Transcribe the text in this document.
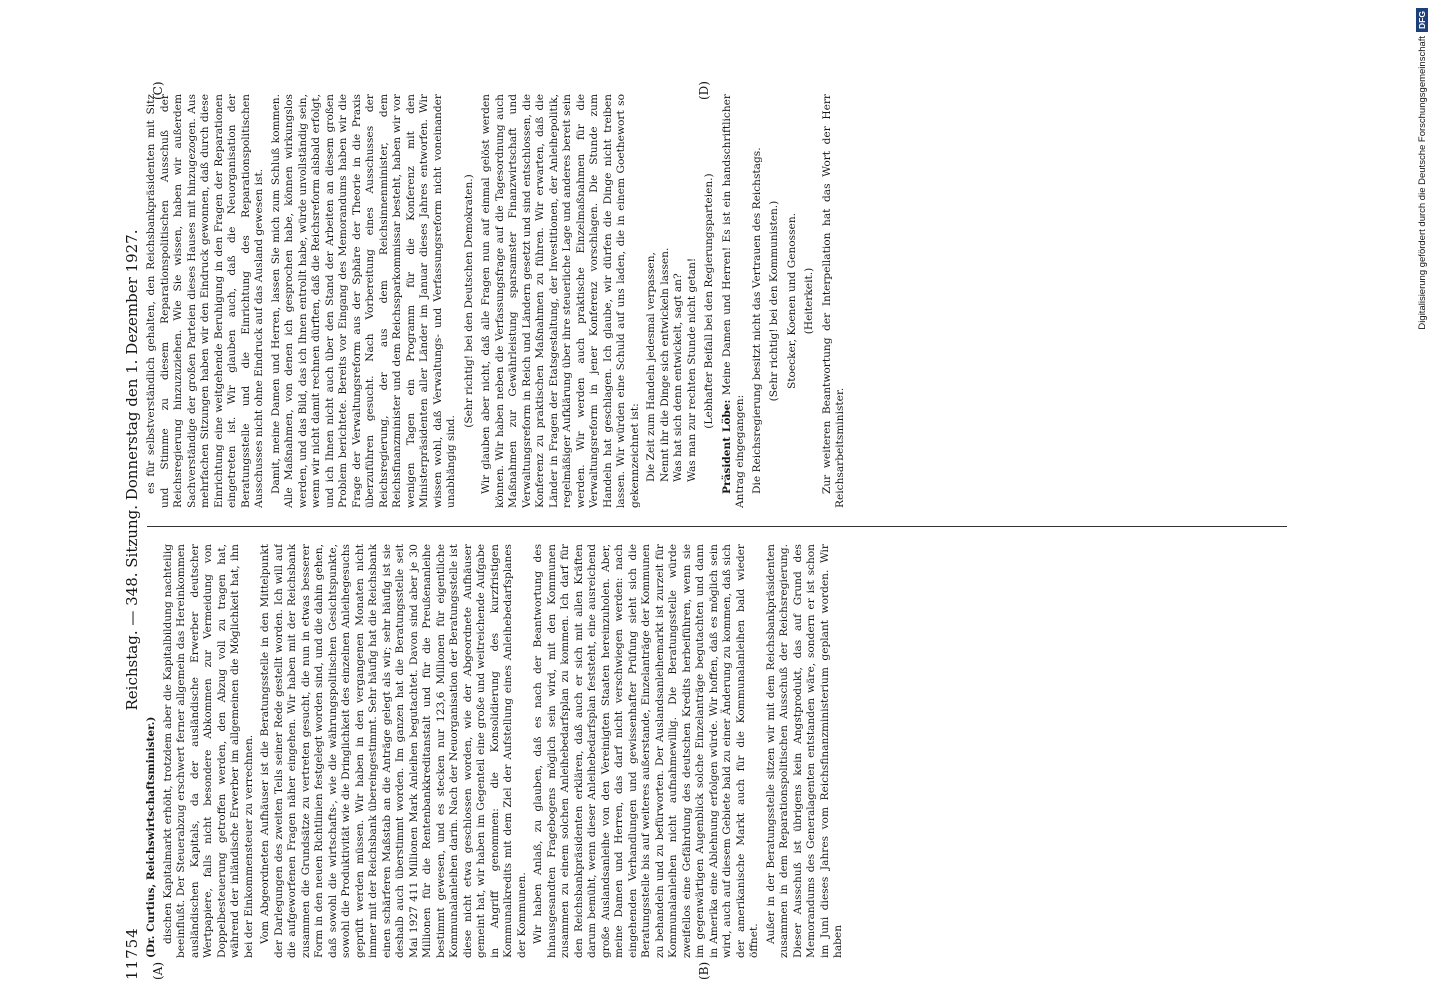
11754
Reichstag. — 348. Sitzung. Donnerstag den 1. Dezember 1927.
(A)	(B)
(C)	(D)

(Dr. Curtius, Reichswirtschaftsminister.) dischen Kapitalmarkt erhöht, trotzdem aber die Kapitalbildung nachteilig beeinflußt. Der Steuerabzug erschwert ferner allgemein das Hereinkommen ausländischen Kapitals, da der ausländische Erwerber deutscher Wertpapiere, falls nicht besondere Abkommen zur Vermeidung von Doppelbesteuerung getroffen werden, den Abzug voll zu tragen hat, während der inländische Erwerber im allgemeinen die Möglichkeit hat, ihn bei der Einkommensteuer zu verrechnen. Vom Abgeordneten Aufhäuser ist die Beratungsstelle in den Mittelpunkt der Darlegungen des zweiten Teils seiner Rede gestellt worden. Ich will auf die aufgeworfenen Fragen näher eingehen. Wir haben mit der Reichsbank zusammen die Grundsätze zu vertreten gesucht, die nun in etwas besserer Form in den neuen Richtlinien festgelegt worden sind, und die dahin gehen, daß sowohl die wirtschafts-, wie die währungspolitischen Gesichtspunkte, sowohl die Produktivität wie die Dringlichkeit des einzelnen Anleihegesuchs geprüft werden müssen. Wir haben in den vergangenen Monaten nicht immer mit der Reichsbank übereingestimmt. Sehr häufig hat die Reichsbank einen schärferen Maßstab an die Anträge gelegt als wir; sehr häufig ist sie deshalb auch überstimmt worden. Im ganzen hat die Beratungsstelle seit Mai 1927 411 Millionen Mark Anleihen begutachtet. Davon sind aber je 30 Millionen für die Rentenbankkreditanstalt und für die Preußenanleihe bestimmt gewesen, und es stecken nur 123,6 Millionen für eigentliche Kommunalanleihen darin. Nach der Neuorganisation der Beratungsstelle ist diese nicht etwa geschlossen worden, wie der Abgeordnete Aufhäuser gemeint hat, wir haben im Gegenteil eine große und weitreichende Aufgabe in Angriff genommen: die Konsolidierung des kurzfristigen Kommunalkredits mit dem Ziel der Aufstellung eines Anleihebedarfsplanes der Kommunen. Wir haben Anlaß, zu glauben, daß es nach der Beantwortung des hinausgesandten Fragebogens möglich sein wird, mit den Kommunen zusammen zu einem solchen Anleihebedarfsplan zu kommen. Ich darf für den Reichsbankpräsidenten erklären, daß auch er sich mit allen Kräften darum bemüht, wenn dieser Anleihebedarfsplan feststeht, eine ausreichend große Auslandsanleihe von den Vereinigten Staaten hereinzuholen. Aber, meine Damen und Herren, das darf nicht verschwiegen werden: nach eingehenden Verhandlungen und gewissenhafter Prüfung sieht sich die Beratungsstelle bis auf weiteres außerstande, Einzelanträge der Kommunen zu behandeln und zu befürworten. Der Auslandsanleihemarkt ist zurzeit für Kommunalanleihen nicht aufnahmewillig. Die Beratungsstelle würde zweifellos eine Gefährdung des deutschen Kredits herbeiführen, wenn sie im gegenwärtigen Augenblick solche Einzelanträge begutachten und dann in Amerika eine Ablehnung erfolgen würde. Wir hoffen, daß es möglich sein wird, auch auf diesem Gebiete bald zu einer Änderung zu kommen, daß sich der amerikanische Markt auch für die Kommunalanleihen bald wieder öffnet. Außer in der Beratungsstelle sitzen wir mit dem Reichsbankpräsidenten zusammen in dem Reparationspolitischen Ausschuß der Reichsregierung. Dieser Ausschuß ist übrigens kein Angstprodukt, das auf Grund des Memorandums des Generalagenten entstanden wäre, sondern er ist schon im Juni dieses Jahres vom Reichsfinanzministerium geplant worden. Wir haben

es für selbstverständlich gehalten, den Reichsbankpräsidenten mit Sitz und Stimme zu diesem Reparationspolitischen Ausschuß der Reichsregierung hinzuzuziehen. Wie Sie wissen, haben wir außerdem Sachverständige der großen Parteien dieses Hauses mit hinzugezogen. Aus mehrfachen Sitzungen haben wir den Eindruck gewonnen, daß durch diese Einrichtung eine weitgehende Beruhigung in den Fragen der Reparationen eingetreten ist. Wir glauben auch, daß die Neuorganisation der Beratungsstelle und die Einrichtung des Reparationspolitischen Ausschusses nicht ohne Eindruck auf das Ausland gewesen ist. Damit, meine Damen und Herren, lassen Sie mich zum Schluß kommen. Alle Maßnahmen, von denen ich gesprochen habe, können wirkungslos werden, und das Bild, das ich Ihnen entrollt habe, würde unvollständig sein, wenn wir nicht damit rechnen dürften, daß die Reichsreform alsbald erfolgt, und ich Ihnen nicht auch über den Stand der Arbeiten an diesem großen Problem berichtete. Bereits vor Eingang des Memorandums haben wir die Frage der Verwaltungsreform aus der Sphäre der Theorie in die Praxis überzuführen gesucht. Nach Vorbereitung eines Ausschusses der Reichsregierung, der aus dem Reichsinnenminister, dem Reichsfinanzminister und dem Reichssparkommissar besteht, haben wir vor wenigen Tagen ein Programm für die Konferenz mit den Ministerpräsidenten aller Länder im Januar dieses Jahres entworfen. Wir wissen wohl, daß Verwaltungs- und Verfassungsreform nicht voneinander unabhängig sind.

(Sehr richtig! bei den Deutschen Demokraten.) Wir glauben aber nicht, daß alle Fragen nun auf einmal gelöst werden können. Wir haben neben die Verfassungsfrage auf die Tagesordnung auch Maßnahmen zur Gewährleistung sparsamster Finanzwirtschaft und Verwaltungsreform in Reich und Ländern gesetzt und sind entschlossen, die Konferenz zu praktischen Maßnahmen zu führen. Wir erwarten, daß die Länder in Fragen der Etatsgestaltung, der Investitionen, der Anleihepolitik, regelmäßiger Aufklärung über ihre steuerliche Lage und anderes bereit sein werden. Wir werden auch praktische Einzelmaßnahmen für die Verwaltungsreform in jener Konferenz vorschlagen. Die Stunde zum Handeln hat geschlagen. Ich glaube, wir dürfen die Dinge nicht treiben lassen. Wir würden eine Schuld auf uns laden, die in einem Goethewort so gekennzeichnet ist: Die Zeit zum Handeln jedesmal verpassen, Nennt ihr die Dinge sich entwickeln lassen. Was hat sich denn entwickelt, sagt an? Was man zur rechten Stunde nicht getan! (Lebhafter Beifall bei den Regierungsparteien.)

Präsident Löbe: Meine Damen und Herren! Es ist ein handschriftlicher Antrag eingegangen: Die Reichsregierung besitzt nicht das Vertrauen des Reichstags. (Sehr richtig! bei den Kommunisten.) Stoecker, Koenen und Genossen. (Heiterkeit.) Zur weiteren Beantwortung der Interpellation hat das Wort der Herr Reichsarbeitsminister.

Digitalisierung gefördert durch die Deutsche Forschungsgemeinschaft
DFG
